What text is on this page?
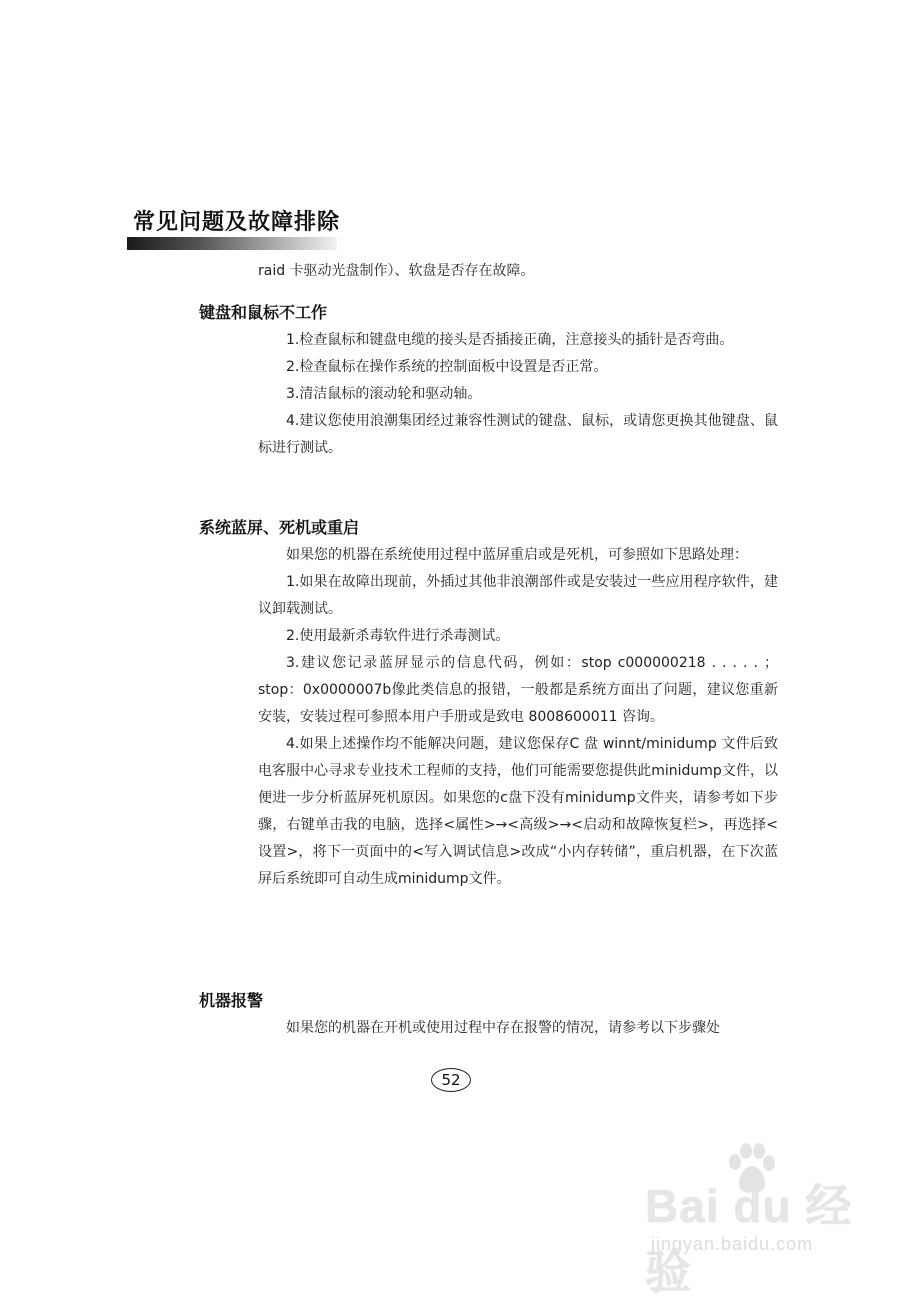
常见问题及故障排除

raid 卡驱动光盘制作）、软盘是否存在故障。

键盘和鼠标不工作

1.检查鼠标和键盘电缆的接头是否插接正确，注意接头的插针是否弯曲。

2.检查鼠标在操作系统的控制面板中设置是否正常。

3.清洁鼠标的滚动轮和驱动轴。

4.建议您使用浪潮集团经过兼容性测试的键盘、鼠标，或请您更换其他键盘、鼠标进行测试。

系统蓝屏、死机或重启

如果您的机器在系统使用过程中蓝屏重启或是死机，可参照如下思路处理：

1.如果在故障出现前，外插过其他非浪潮部件或是安装过一些应用程序软件，建议卸载测试。

2.使用最新杀毒软件进行杀毒测试。

3.建议您记录蓝屏显示的信息代码，例如：stop c000000218 . . . . . ；stop：0x0000007b像此类信息的报错，一般都是系统方面出了问题，建议您重新安装，安装过程可参照本用户手册或是致电 8008600011 咨询。

4.如果上述操作均不能解决问题，建议您保存C 盘 winnt/minidump 文件后致电客服中心寻求专业技术工程师的支持，他们可能需要您提供此minidump文件，以便进一步分析蓝屏死机原因。如果您的c盘下没有minidump文件夹，请参考如下步骤，右键单击我的电脑，选择<属性>→<高级>→<启动和故障恢复栏>，再选择<设置>，将下一页面中的<写入调试信息>改成“小内存转储”，重启机器，在下次蓝屏后系统即可自动生成minidump文件。

机器报警

如果您的机器在开机或使用过程中存在报警的情况，请参考以下步骤处

52
Bai du 经验
jingyan.baidu.com
